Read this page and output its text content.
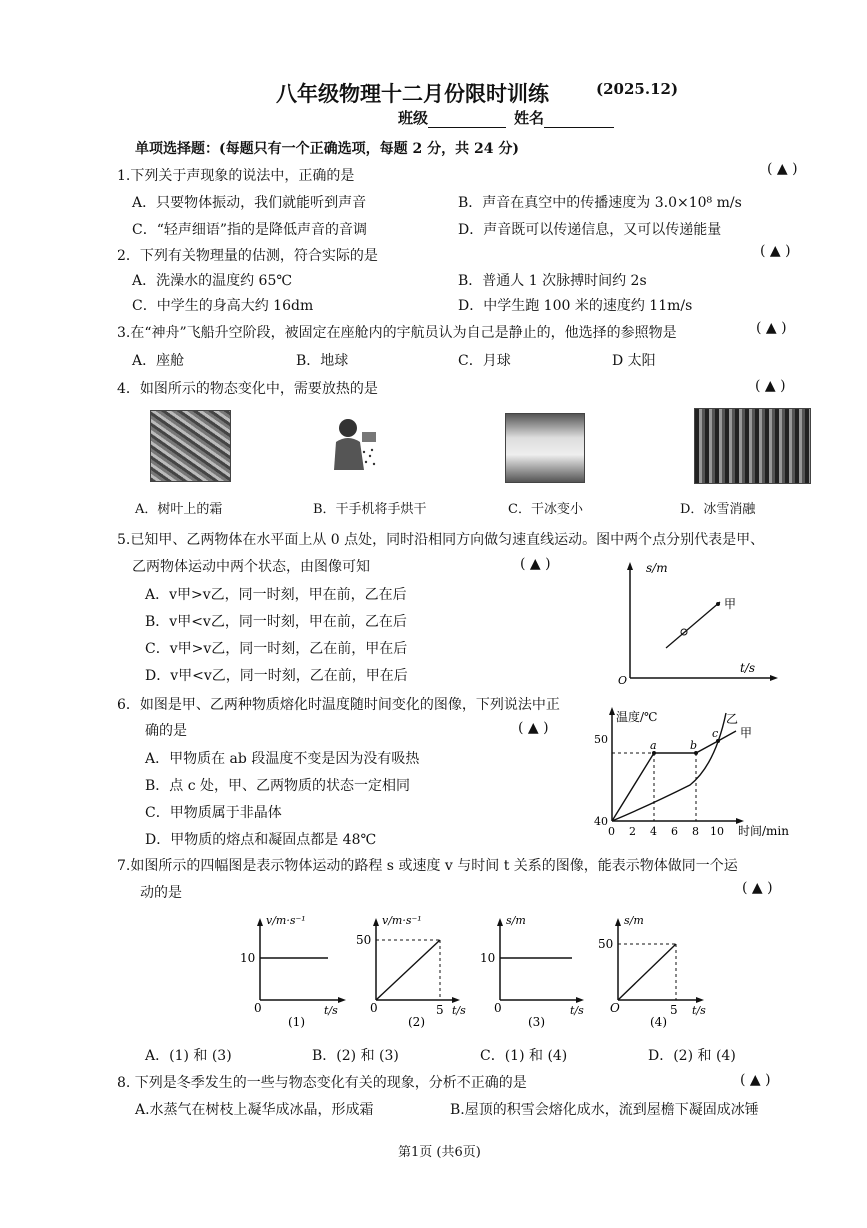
八年级物理十二月份限时训练	(2025.12)
班级	姓名
单项选择题：(每题只有一个正确选项，每题 2 分，共 24 分)
1.下列关于声现象的说法中，正确的是	( ▲ )
A．只要物体振动，我们就能听到声音	B．声音在真空中的传播速度为 3.0×10⁸ m/s
C．“轻声细语”指的是降低声音的音调	D．声音既可以传递信息，又可以传递能量
2．下列有关物理量的估测，符合实际的是	( ▲ )
A．洗澡水的温度约 65℃	B．普通人 1 次脉搏时间约 2s
C．中学生的身高大约 16dm	D．中学生跑 100 米的速度约 11m/s
3.在“神舟”飞船升空阶段，被固定在座舱内的宇航员认为自己是静止的，他选择的参照物是	( ▲ )
A．座舱	B．地球	C．月球	D 太阳
4．如图所示的物态变化中，需要放热的是	( ▲ )
A．树叶上的霜	B．干手机将手烘干	C．干冰变小	D．冰雪消融
5.已知甲、乙两物体在水平面上从 0 点处，同时沿相同方向做匀速直线运动。图中两个点分别代表是甲、
乙两物体运动中两个状态，由图像可知	( ▲ )
A．v甲>v乙，同一时刻，甲在前，乙在后
B．v甲<v乙，同一时刻，甲在前，乙在后
C．v甲>v乙，同一时刻，乙在前，甲在后
D．v甲<v乙，同一时刻，乙在前，甲在后
s/m
t/s
O
甲
6．如图是甲、乙两种物质熔化时温度随时间变化的图像，下列说法中正
确的是	( ▲ )
A．甲物质在 ab 段温度不变是因为没有吸热
B．点 c 处，甲、乙两物质的状态一定相同
C．甲物质属于非晶体
D．甲物质的熔点和凝固点都是 48℃
温度/℃
时间/min
50
40
0 2 4 6 8 10
a	b
c
乙
甲
7.如图所示的四幅图是表示物体运动的路程 s 或速度 v 与时间 t 关系的图像，能表示物体做同一个运
动的是	( ▲ )
v/m·s⁻¹
t/s
10
0
(1)
v/m·s⁻¹
t/s
50
5
0
(2)
s/m
t/s
10
0
(3)
s/m
t/s
50
5
O
(4)
A．(1) 和 (3)	B．(2) 和 (3)	C．(1) 和 (4)	D．(2) 和 (4)
8. 下列是冬季发生的一些与物态变化有关的现象，分析不正确的是	( ▲ )
A.水蒸气在树枝上凝华成冰晶，形成霜	B.屋顶的积雪会熔化成水，流到屋檐下凝固成冰锤
第1页 (共6页)
